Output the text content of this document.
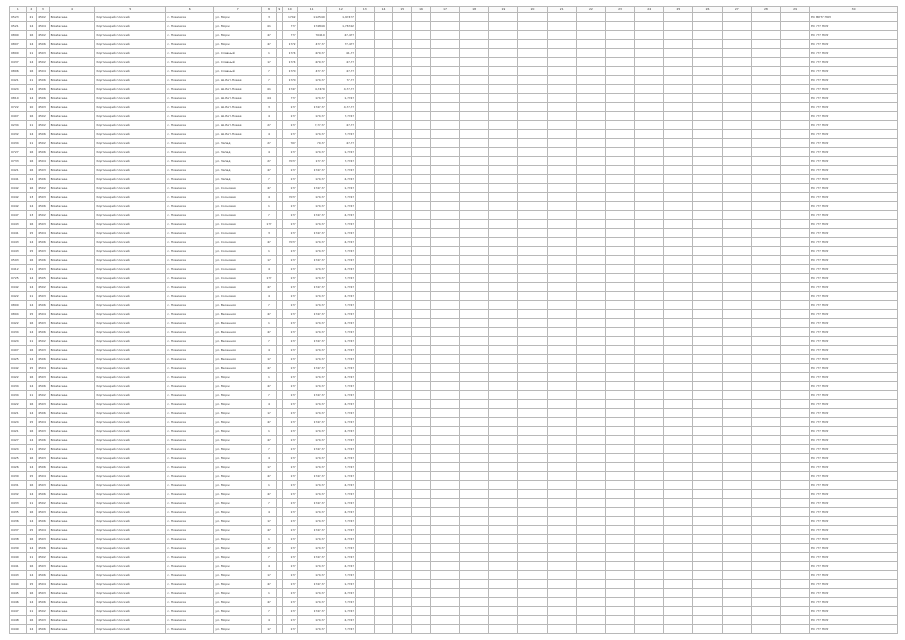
1	2	3	4	5	6	7	8	9	10	11	12	13	14	15	16	17	18	19	20	21	22	23	24	25	26	27	28	29	30
0523	21	4502	Boletaceae	Кортинарий плоский	с. Новичиха	ул. Морж	3		1742	112540	1,9?4?7																		ЕС ВКТ? НОУ
0521	14	4504	Boletaceae	Кортинарий плоский	с. Новичиха	ул. Морж	41		???	1?4849	1,?6?42																		ЕС ??? НОУ
0890	16	4502	Boletaceae	Кортинарий плоский	с. Новичиха	ул. Морж	4?		???	?0410	4?,4??																		ЕС ??? НОУ
0807	14	4506	Boletaceae	Кортинарий плоский	с. Новичиха	ул. Морж	4?		1??2	4??,??	??,4??																		ЕС ??? НОУ
0800	11	4503	Boletaceae	Кортинарий плоский	с. Новичиха	ул. Славный	1		1??4	4?0,??	41,??																		ЕС ??? НОУ
0437	14	4502	Boletaceae	Кортинарий плоский	с. Новичиха	ул. Славный	1?		1??4	4?0,??	4?,??																		ЕС ??? НОУ
0806	16	4504	Boletaceae	Кортинарий плоский	с. Новичиха	ул. Славный	?		1??0	4??,??	4?,??																		ЕС ??? НОУ
0421	11	4506	Boletaceae	Кортинарий плоский	с. Новичиха	ул. Ш.Лит.Новая	?		1??0	1?4,??	??,??																		ЕС ??? НОУ
0424	14	4506	Boletaceae	Кортинарий плоский	с. Новичиха	ул. Ш.Лит.Новая	41		1?4?	4,?4?0	4,??,??																		ЕС ??? НОУ
0810	14	4506	Boletaceae	Кортинарий плоский	с. Новичиха	ул. Ш.Лит.Новая	44		???	1?4,??	1,??4?																		ЕС ??? НОУ
0722	10	4503	Boletaceae	Кортинарий плоский	с. Новичиха	ул. Ш.Лит.Новая	3		1??	1?4?,??	4,??,??																		ЕС ??? НОУ
0407	16	4502	Boletaceae	Кортинарий плоский	с. Новичиха	ул. Ш.Лит.Новая	4		1??	1?4,??	?,??4?																		ЕС ??? НОУ
0234	11	4502	Boletaceae	Кортинарий плоский	с. Новичиха	ул. Ш.Лит.Новая	2?		1??	?,??,??	4?,??																		ЕС ??? НОУ
0432	14	4506	Boletaceae	Кортинарий плоский	с. Новичиха	ул. Ш.Лит.Новая	4		1??	1?4,??	?,??4?																		ЕС ??? НОУ
0434	11	4502	Boletaceae	Кортинарий плоский	с. Новичиха	ул. Запад	2?		?0?	?0,??	4?,??																		ЕС ??? НОУ
0727	16	4506	Boletaceae	Кортинарий плоский	с. Новичиха	ул. Запад	4		1??	1?4,??	1,??4?																		ЕС ??? НОУ
0733	16	4504	Boletaceae	Кортинарий плоский	с. Новичиха	ул. Запад	2?		?0??	1??,??	?,??4?																		ЕС ??? НОУ
0421	16	4503	Boletaceae	Кортинарий плоский	с. Новичиха	ул. Запад	4?		1??	1?4?,??	?,??4?																		ЕС ??? НОУ
0441	14	4506	Boletaceae	Кортинарий плоский	с. Новичиха	ул. Запад	?		1??	1?4,??	4,??4?																		ЕС ??? НОУ
0442	16	4502	Boletaceae	Кортинарий плоский	с. Новичиха	ул. Сосновая	4?		1??	1?4?,??	1,??4?																		ЕС ??? НОУ
0442	13	4503	Boletaceae	Кортинарий плоский	с. Новичиха	ул. Сосновая	4		?0??	1?4,??	?,??4?																		ЕС ??? НОУ
0442	14	4506	Boletaceae	Кортинарий плоский	с. Новичиха	ул. Сосновая	1		1??	1?4,??	1,??4?																		ЕС ??? НОУ
0447	13	4502	Boletaceae	Кортинарий плоский	с. Новичиха	ул. Сосновая	?		1??	1?4?,??	4,??4?																		ЕС ??? НОУ
0443	16	4503	Boletaceae	Кортинарий плоский	с. Новичиха	ул. Сосновая	1??		1??	1?4,??	?,??4?																		ЕС ??? НОУ
0441	15	4504	Boletaceae	Кортинарий плоский	с. Новичиха	ул. Сосновая	3		1??	1?4?,??	1,??4?																		ЕС ??? НОУ
0443	14	4506	Boletaceae	Кортинарий плоский	с. Новичиха	ул. Сосновая	4?		?0??	1?4,??	4,??4?																		ЕС ??? НОУ
0443	15	4503	Boletaceae	Кортинарий плоский	с. Новичиха	ул. Сосновая	1		1??	1?4,??	?,??4?																		ЕС ??? НОУ
0593	16	4506	Boletaceae	Кортинарий плоский	с. Новичиха	ул. Сосновая	1?		1??	1?4?,??	1,??4?																		ЕС ??? НОУ
0412	11	4503	Boletaceae	Кортинарий плоский	с. Новичиха	ул. Сосновая	4		1??	1?4,??	4,??4?																		ЕС ??? НОУ
0725	14	4505	Boletaceae	Кортинарий плоский	с. Новичиха	ул. Сосновая	1??		1??	1?4,??	?,??4?																		ЕС ??? НОУ
0442	14	4502	Boletaceae	Кортинарий плоский	с. Новичиха	ул. Сосновая	4?		1??	1?4?,??	1,??4?																		ЕС ??? НОУ
0422	11	4503	Boletaceae	Кортинарий плоский	с. Новичиха	ул. Сосновая	4		1??	1?4,??	4,??4?																		ЕС ??? НОУ
0800	14	4506	Boletaceae	Кортинарий плоский	с. Новичиха	ул. Весенняя	?		1??	1?4,??	?,??4?																		ЕС ??? НОУ
0804	15	4504	Boletaceae	Кортинарий плоский	с. Новичиха	ул. Весенняя	4?		1??	1?4?,??	1,??4?																		ЕС ??? НОУ
0422	16	4503	Boletaceae	Кортинарий плоский	с. Новичиха	ул. Весенняя	1		1??	1?4,??	4,??4?																		ЕС ??? НОУ
0434	14	4506	Boletaceae	Кортинарий плоский	с. Новичиха	ул. Весенняя	4?		1??	1?4,??	?,??4?																		ЕС ??? НОУ
0424	11	4502	Boletaceae	Кортинарий плоский	с. Новичиха	ул. Весенняя	?		1??	1?4?,??	1,??4?																		ЕС ??? НОУ
0407	16	4503	Boletaceae	Кортинарий плоский	с. Новичиха	ул. Весенняя	4		1??	1?4,??	4,??4?																		ЕС ??? НОУ
0425	14	4506	Boletaceae	Кортинарий плоский	с. Новичиха	ул. Весенняя	1?		1??	1?4,??	?,??4?																		ЕС ??? НОУ
0442	15	4504	Boletaceae	Кортинарий плоский	с. Новичиха	ул. Весенняя	4?		1??	1?4?,??	1,??4?																		ЕС ??? НОУ
0422	16	4503	Boletaceae	Кортинарий плоский	с. Новичиха	ул. Морж	1		1??	1?4,??	4,??4?																		ЕС ??? НОУ
0434	14	4506	Boletaceae	Кортинарий плоский	с. Новичиха	ул. Морж	4?		1??	1?4,??	?,??4?																		ЕС ??? НОУ
0434	11	4502	Boletaceae	Кортинарий плоский	с. Новичиха	ул. Морж	?		1??	1?4?,??	1,??4?																		ЕС ??? НОУ
0422	16	4503	Boletaceae	Кортинарий плоский	с. Новичиха	ул. Морж	4		1??	1?4,??	4,??4?																		ЕС ??? НОУ
0421	14	4506	Boletaceae	Кортинарий плоский	с. Новичиха	ул. Морж	1?		1??	1?4,??	?,??4?																		ЕС ??? НОУ
0424	15	4504	Boletaceae	Кортинарий плоский	с. Новичиха	ул. Морж	4?		1??	1?4?,??	1,??4?																		ЕС ??? НОУ
0421	16	4503	Boletaceae	Кортинарий плоский	с. Новичиха	ул. Морж	1		1??	1?4,??	4,??4?																		ЕС ??? НОУ
0427	14	4506	Boletaceae	Кортинарий плоский	с. Новичиха	ул. Морж	4?		1??	1?4,??	?,??4?																		ЕС ??? НОУ
0424	11	4502	Boletaceae	Кортинарий плоский	с. Новичиха	ул. Морж	?		1??	1?4?,??	1,??4?																		ЕС ??? НОУ
0425	16	4503	Boletaceae	Кортинарий плоский	с. Новичиха	ул. Морж	4		1??	1?4,??	4,??4?																		ЕС ??? НОУ
0426	14	4506	Boletaceae	Кортинарий плоский	с. Новичиха	ул. Морж	1?		1??	1?4,??	?,??4?																		ЕС ??? НОУ
0430	15	4504	Boletaceae	Кортинарий плоский	с. Новичиха	ул. Морж	4?		1??	1?4?,??	1,??4?																		ЕС ??? НОУ
0431	16	4503	Boletaceae	Кортинарий плоский	с. Новичиха	ул. Морж	1		1??	1?4,??	4,??4?																		ЕС ??? НОУ
0432	14	4506	Boletaceae	Кортинарий плоский	с. Новичиха	ул. Морж	4?		1??	1?4,??	?,??4?																		ЕС ??? НОУ
0433	11	4502	Boletaceae	Кортинарий плоский	с. Новичиха	ул. Морж	?		1??	1?4?,??	1,??4?																		ЕС ??? НОУ
0435	16	4503	Boletaceae	Кортинарий плоский	с. Новичиха	ул. Морж	4		1??	1?4,??	4,??4?																		ЕС ??? НОУ
0436	14	4506	Boletaceae	Кортинарий плоский	с. Новичиха	ул. Морж	1?		1??	1?4,??	?,??4?																		ЕС ??? НОУ
0437	15	4504	Boletaceae	Кортинарий плоский	с. Новичиха	ул. Морж	4?		1??	1?4?,??	1,??4?																		ЕС ??? НОУ
0438	16	4503	Boletaceae	Кортинарий плоский	с. Новичиха	ул. Морж	1		1??	1?4,??	4,??4?																		ЕС ??? НОУ
0439	14	4506	Boletaceae	Кортинарий плоский	с. Новичиха	ул. Морж	4?		1??	1?4,??	?,??4?																		ЕС ??? НОУ
0440	11	4502	Boletaceae	Кортинарий плоский	с. Новичиха	ул. Морж	?		1??	1?4?,??	1,??4?																		ЕС ??? НОУ
0441	16	4503	Boletaceae	Кортинарий плоский	с. Новичиха	ул. Морж	4		1??	1?4,??	4,??4?																		ЕС ??? НОУ
0443	14	4506	Boletaceae	Кортинарий плоский	с. Новичиха	ул. Морж	1?		1??	1?4,??	?,??4?																		ЕС ??? НОУ
0444	15	4504	Boletaceae	Кортинарий плоский	с. Новичиха	ул. Морж	4?		1??	1?4?,??	1,??4?																		ЕС ??? НОУ
0445	16	4503	Boletaceae	Кортинарий плоский	с. Новичиха	ул. Морж	1		1??	1?4,??	4,??4?																		ЕС ??? НОУ
0446	14	4506	Boletaceae	Кортинарий плоский	с. Новичиха	ул. Морж	4?		1??	1?4,??	?,??4?																		ЕС ??? НОУ
0447	11	4502	Boletaceae	Кортинарий плоский	с. Новичиха	ул. Морж	?		1??	1?4?,??	1,??4?																		ЕС ??? НОУ
0448	16	4503	Boletaceae	Кортинарий плоский	с. Новичиха	ул. Морж	4		1??	1?4,??	4,??4?																		ЕС ??? НОУ
0449	14	4506	Boletaceae	Кортинарий плоский	с. Новичиха	ул. Морж	1?		1??	1?4,??	?,??4?																		ЕС ??? НОУ
